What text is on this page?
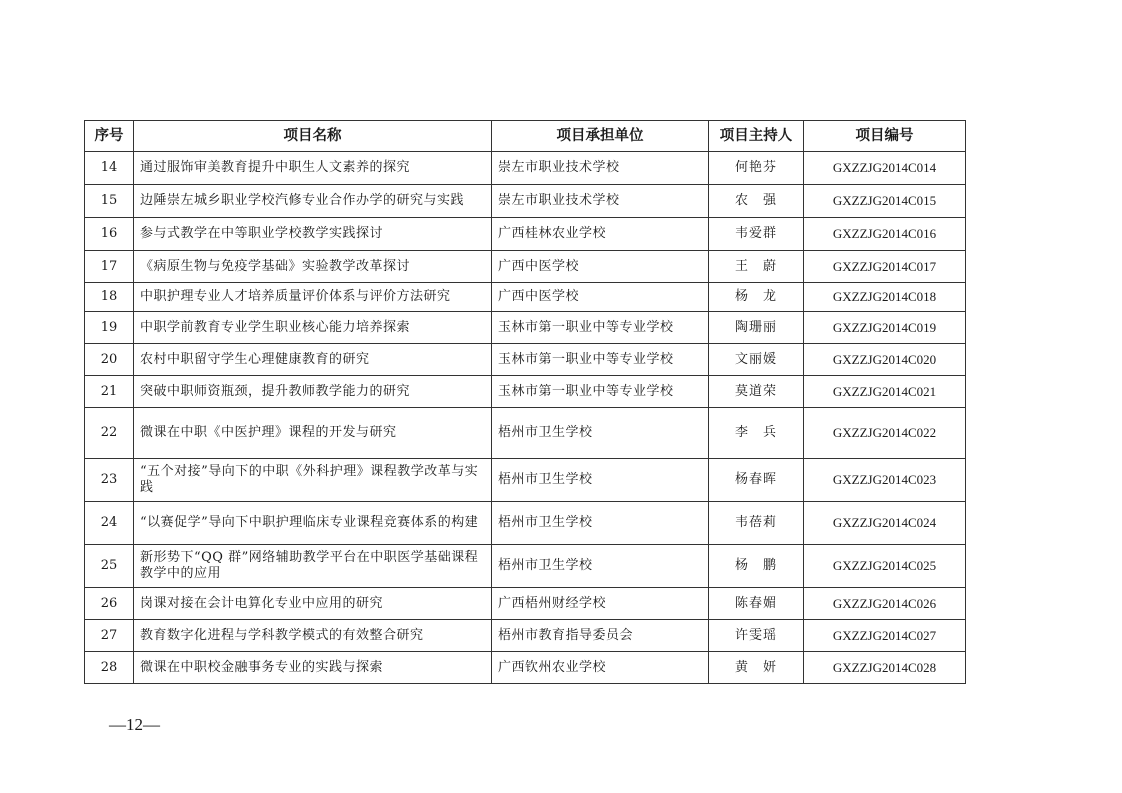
序号	项目名称	项目承担单位	项目主持人	项目编号
14	通过服饰审美教育提升中职生人文素养的探究	崇左市职业技术学校	何艳芬	GXZZJG2014C014
15	边陲崇左城乡职业学校汽修专业合作办学的研究与实践	崇左市职业技术学校	农　强	GXZZJG2014C015
16	参与式教学在中等职业学校教学实践探讨	广西桂林农业学校	韦爱群	GXZZJG2014C016
17	《病原生物与免疫学基础》实验教学改革探讨	广西中医学校	王　蔚	GXZZJG2014C017
18	中职护理专业人才培养质量评价体系与评价方法研究	广西中医学校	杨　龙	GXZZJG2014C018
19	中职学前教育专业学生职业核心能力培养探索	玉林市第一职业中等专业学校	陶珊丽	GXZZJG2014C019
20	农村中职留守学生心理健康教育的研究	玉林市第一职业中等专业学校	文丽媛	GXZZJG2014C020
21	突破中职师资瓶颈，提升教师教学能力的研究	玉林市第一职业中等专业学校	莫道荣	GXZZJG2014C021
22	微课在中职《中医护理》课程的开发与研究	梧州市卫生学校	李　兵	GXZZJG2014C022
23	“五个对接”导向下的中职《外科护理》课程教学改革与实践	梧州市卫生学校	杨春晖	GXZZJG2014C023
24	“以赛促学”导向下中职护理临床专业课程竞赛体系的构建	梧州市卫生学校	韦蓓莉	GXZZJG2014C024
25	新形势下“QQ 群”网络辅助教学平台在中职医学基础课程教学中的应用	梧州市卫生学校	杨　鹏	GXZZJG2014C025
26	岗课对接在会计电算化专业中应用的研究	广西梧州财经学校	陈春媚	GXZZJG2014C026
27	教育数字化进程与学科教学模式的有效整合研究	梧州市教育指导委员会	许雯瑶	GXZZJG2014C027
28	微课在中职校金融事务专业的实践与探索	广西钦州农业学校	黄　妍	GXZZJG2014C028
—12—
